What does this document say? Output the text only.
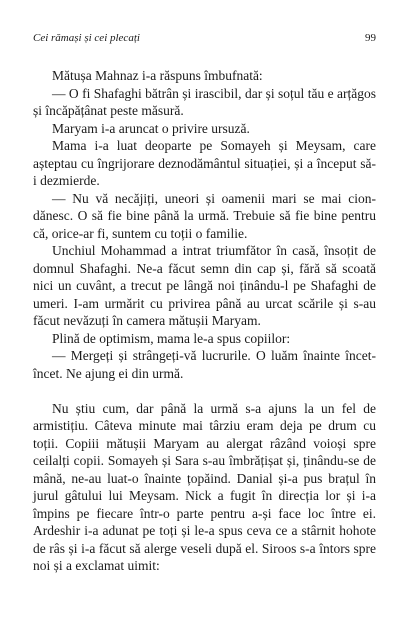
Cei rămași și cei plecați	99

Mătușa Mahnaz i-a răspuns îmbufnată:

— O fi Shafaghi bătrân și irascibil, dar și soțul tău e arțăgos și încăpățânat peste măsură.

Maryam i-a aruncat o privire ursuză.

Mama i-a luat deoparte pe Somayeh și Meysam, care așteptau cu îngrijorare deznodământul situației, și a început să-i dezmierde.

— Nu vă necăjiți, uneori și oamenii mari se mai ciondănesc. O să fie bine până la urmă. Trebuie să fie bine pentru că, orice-ar fi, suntem cu toții o familie.

Unchiul Mohammad a intrat triumfător în casă, însoțit de domnul Shafaghi. Ne-a făcut semn din cap și, fără să scoată nici un cuvânt, a trecut pe lângă noi ținându-l pe Shafaghi de umeri. I-am urmărit cu privirea până au urcat scările și s-au făcut nevăzuți în camera mătușii Maryam.

Plină de optimism, mama le-a spus copiilor:

— Mergeți și strângeți-vă lucrurile. O luăm înainte încet-încet. Ne ajung ei din urmă.

Nu știu cum, dar până la urmă s-a ajuns la un fel de armistițiu. Câteva minute mai târziu eram deja pe drum cu toții. Copiii mătușii Maryam au alergat râzând voioși spre ceilalți copii. Somayeh și Sara s-au îmbrățișat și, ținându-se de mână, ne-au luat-o înainte țopăind. Danial și-a pus brațul în jurul gâtului lui Meysam. Nick a fugit în direcția lor și i-a împins pe fiecare într-o parte pentru a-și face loc între ei. Ardeshir i-a adunat pe toți și le-a spus ceva ce a stârnit hohote de râs și i-a făcut să alerge veseli după el. Siroos s-a întors spre noi și a exclamat uimit:
